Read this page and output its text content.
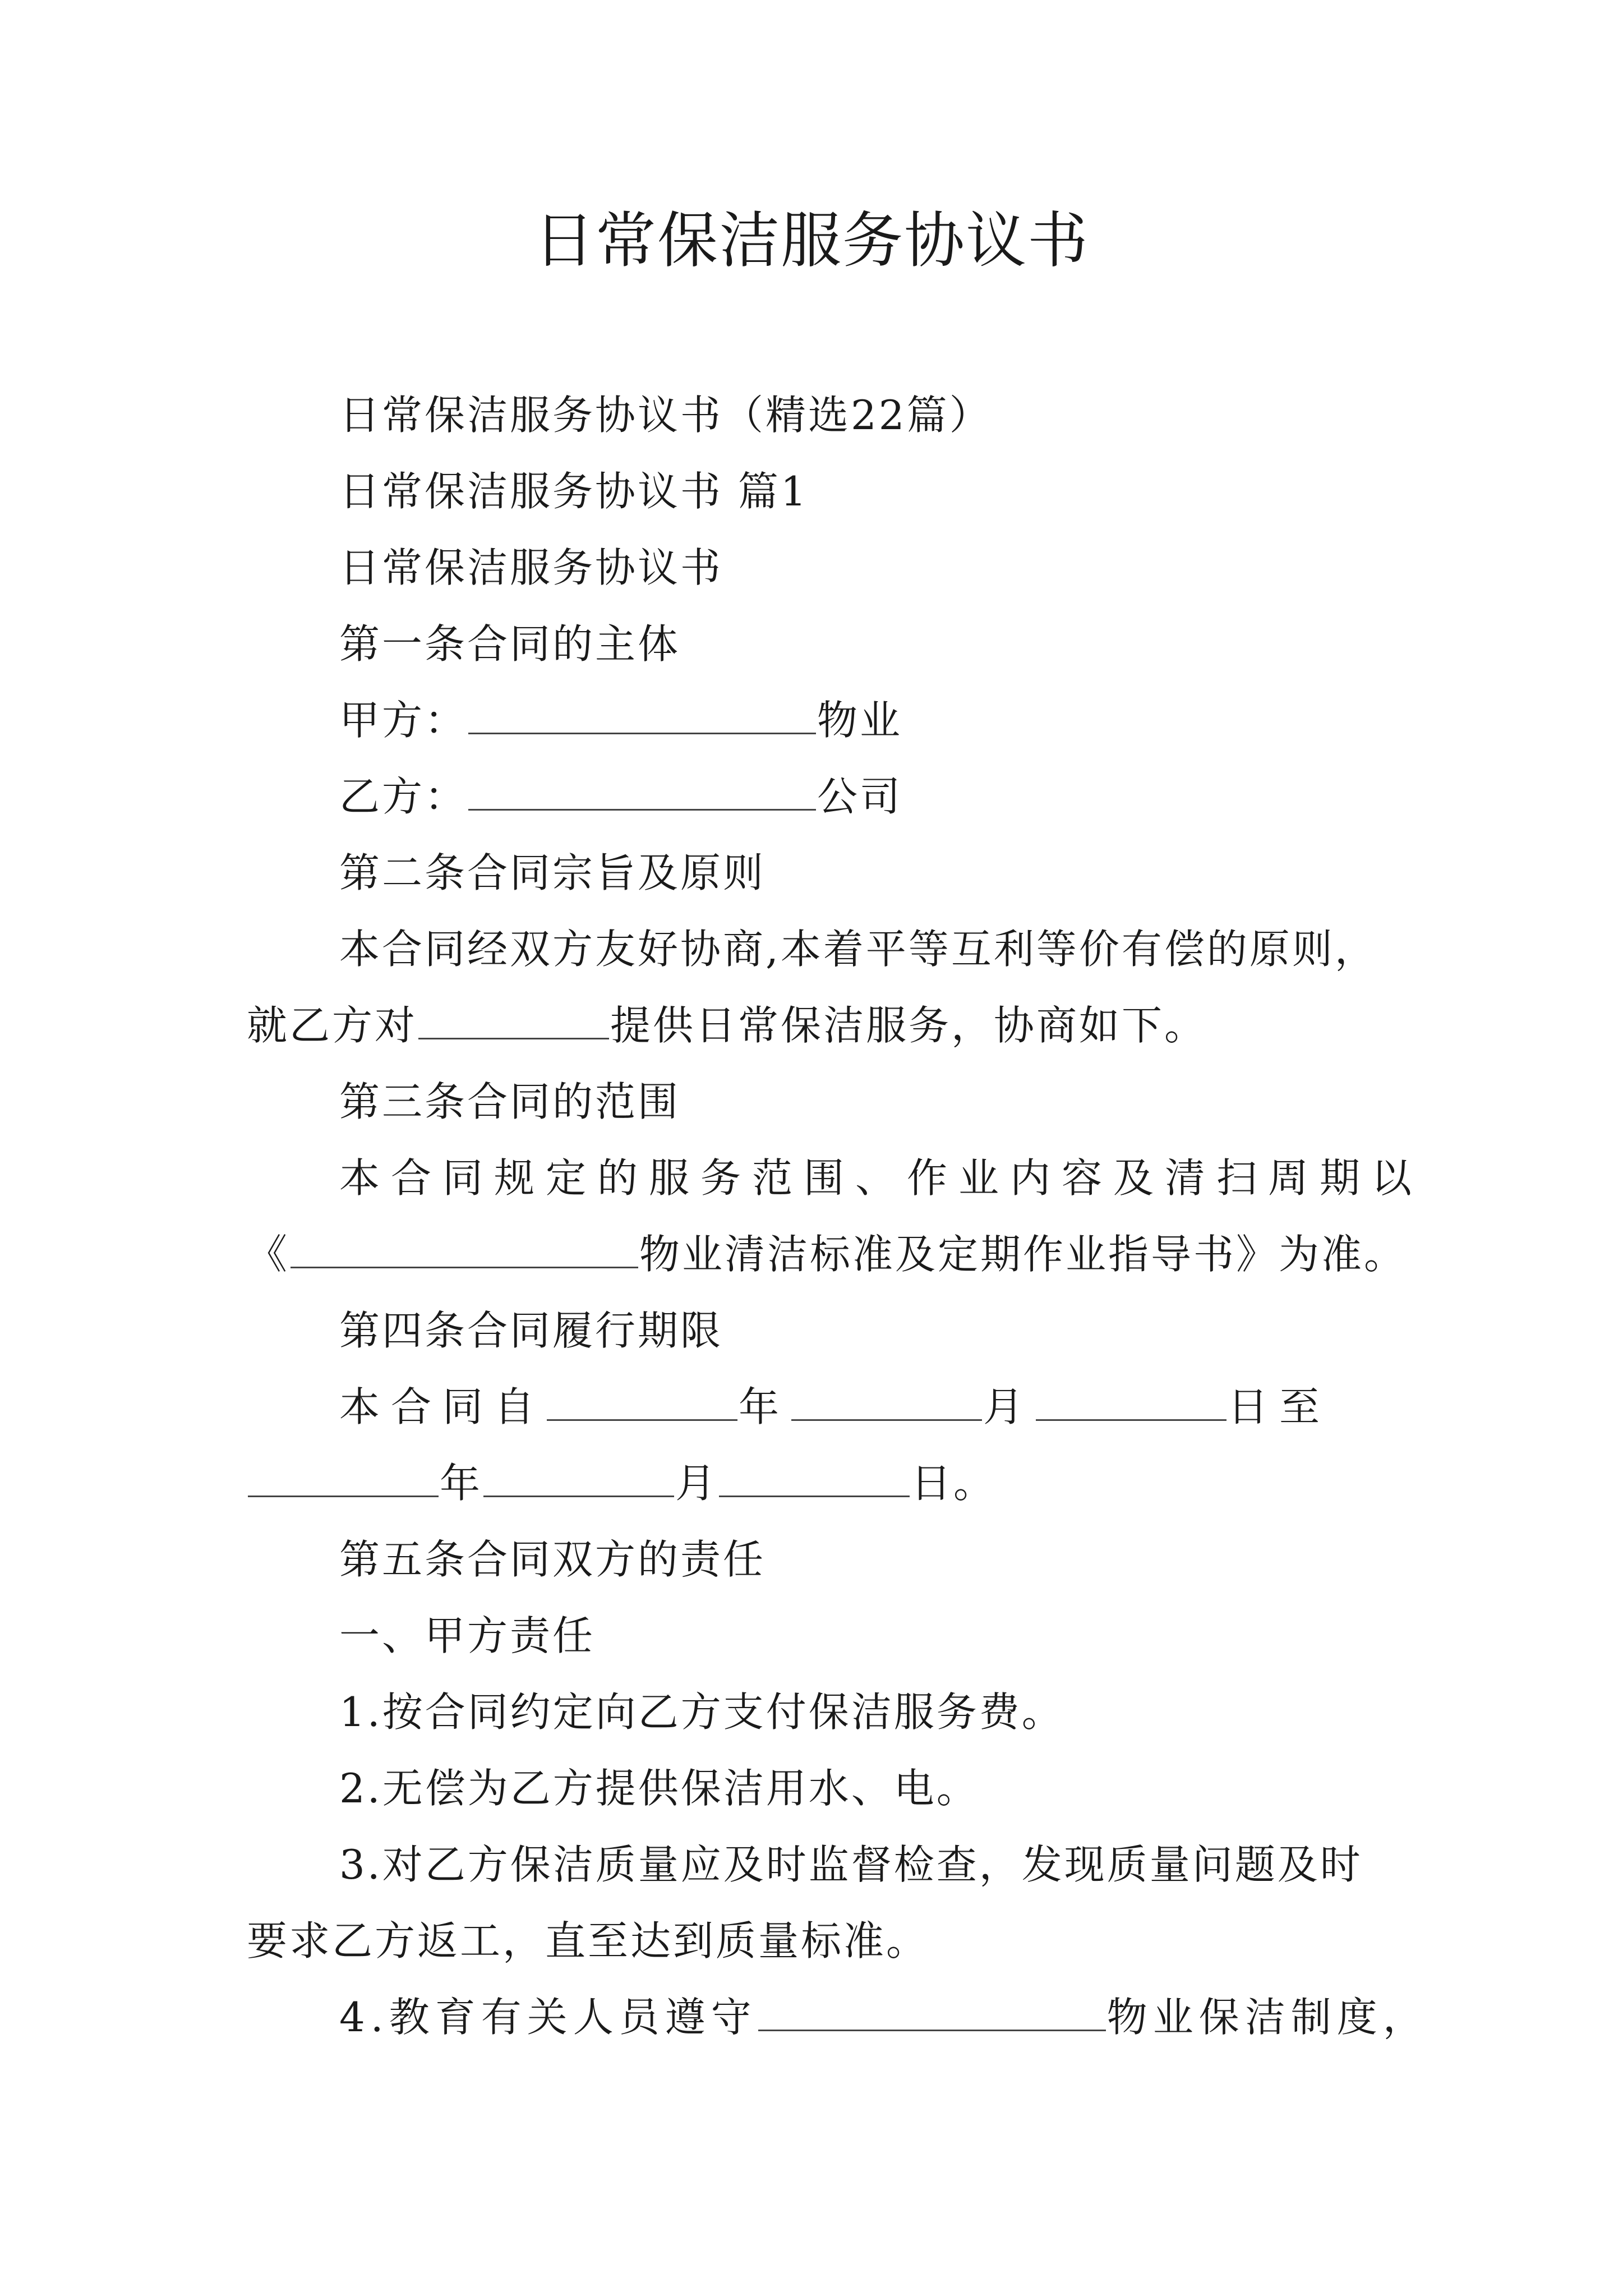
日常保洁服务协议书
日常保洁服务协议书（精选22篇）
日常保洁服务协议书 篇1
日常保洁服务协议书
第一条合同的主体
甲方：	物业
乙方：	公司
第二条合同宗旨及原则
本合同经双方友好协商,本着平等互利等价有偿的原则，
就乙方对	提供日常保洁服务，协商如下。
第三条合同的范围
本合同规定的服务范围、作业内容及清扫周期以
《	物业清洁标准及定期作业指导书》为准。
第四条合同履行期限
本合同自	年	月	日至
年	月	日。
第五条合同双方的责任
一、甲方责任
1.按合同约定向乙方支付保洁服务费。
2.无偿为乙方提供保洁用水、电。
3.对乙方保洁质量应及时监督检查，发现质量问题及时
要求乙方返工，直至达到质量标准。
4.教育有关人员遵守	物业保洁制度，
